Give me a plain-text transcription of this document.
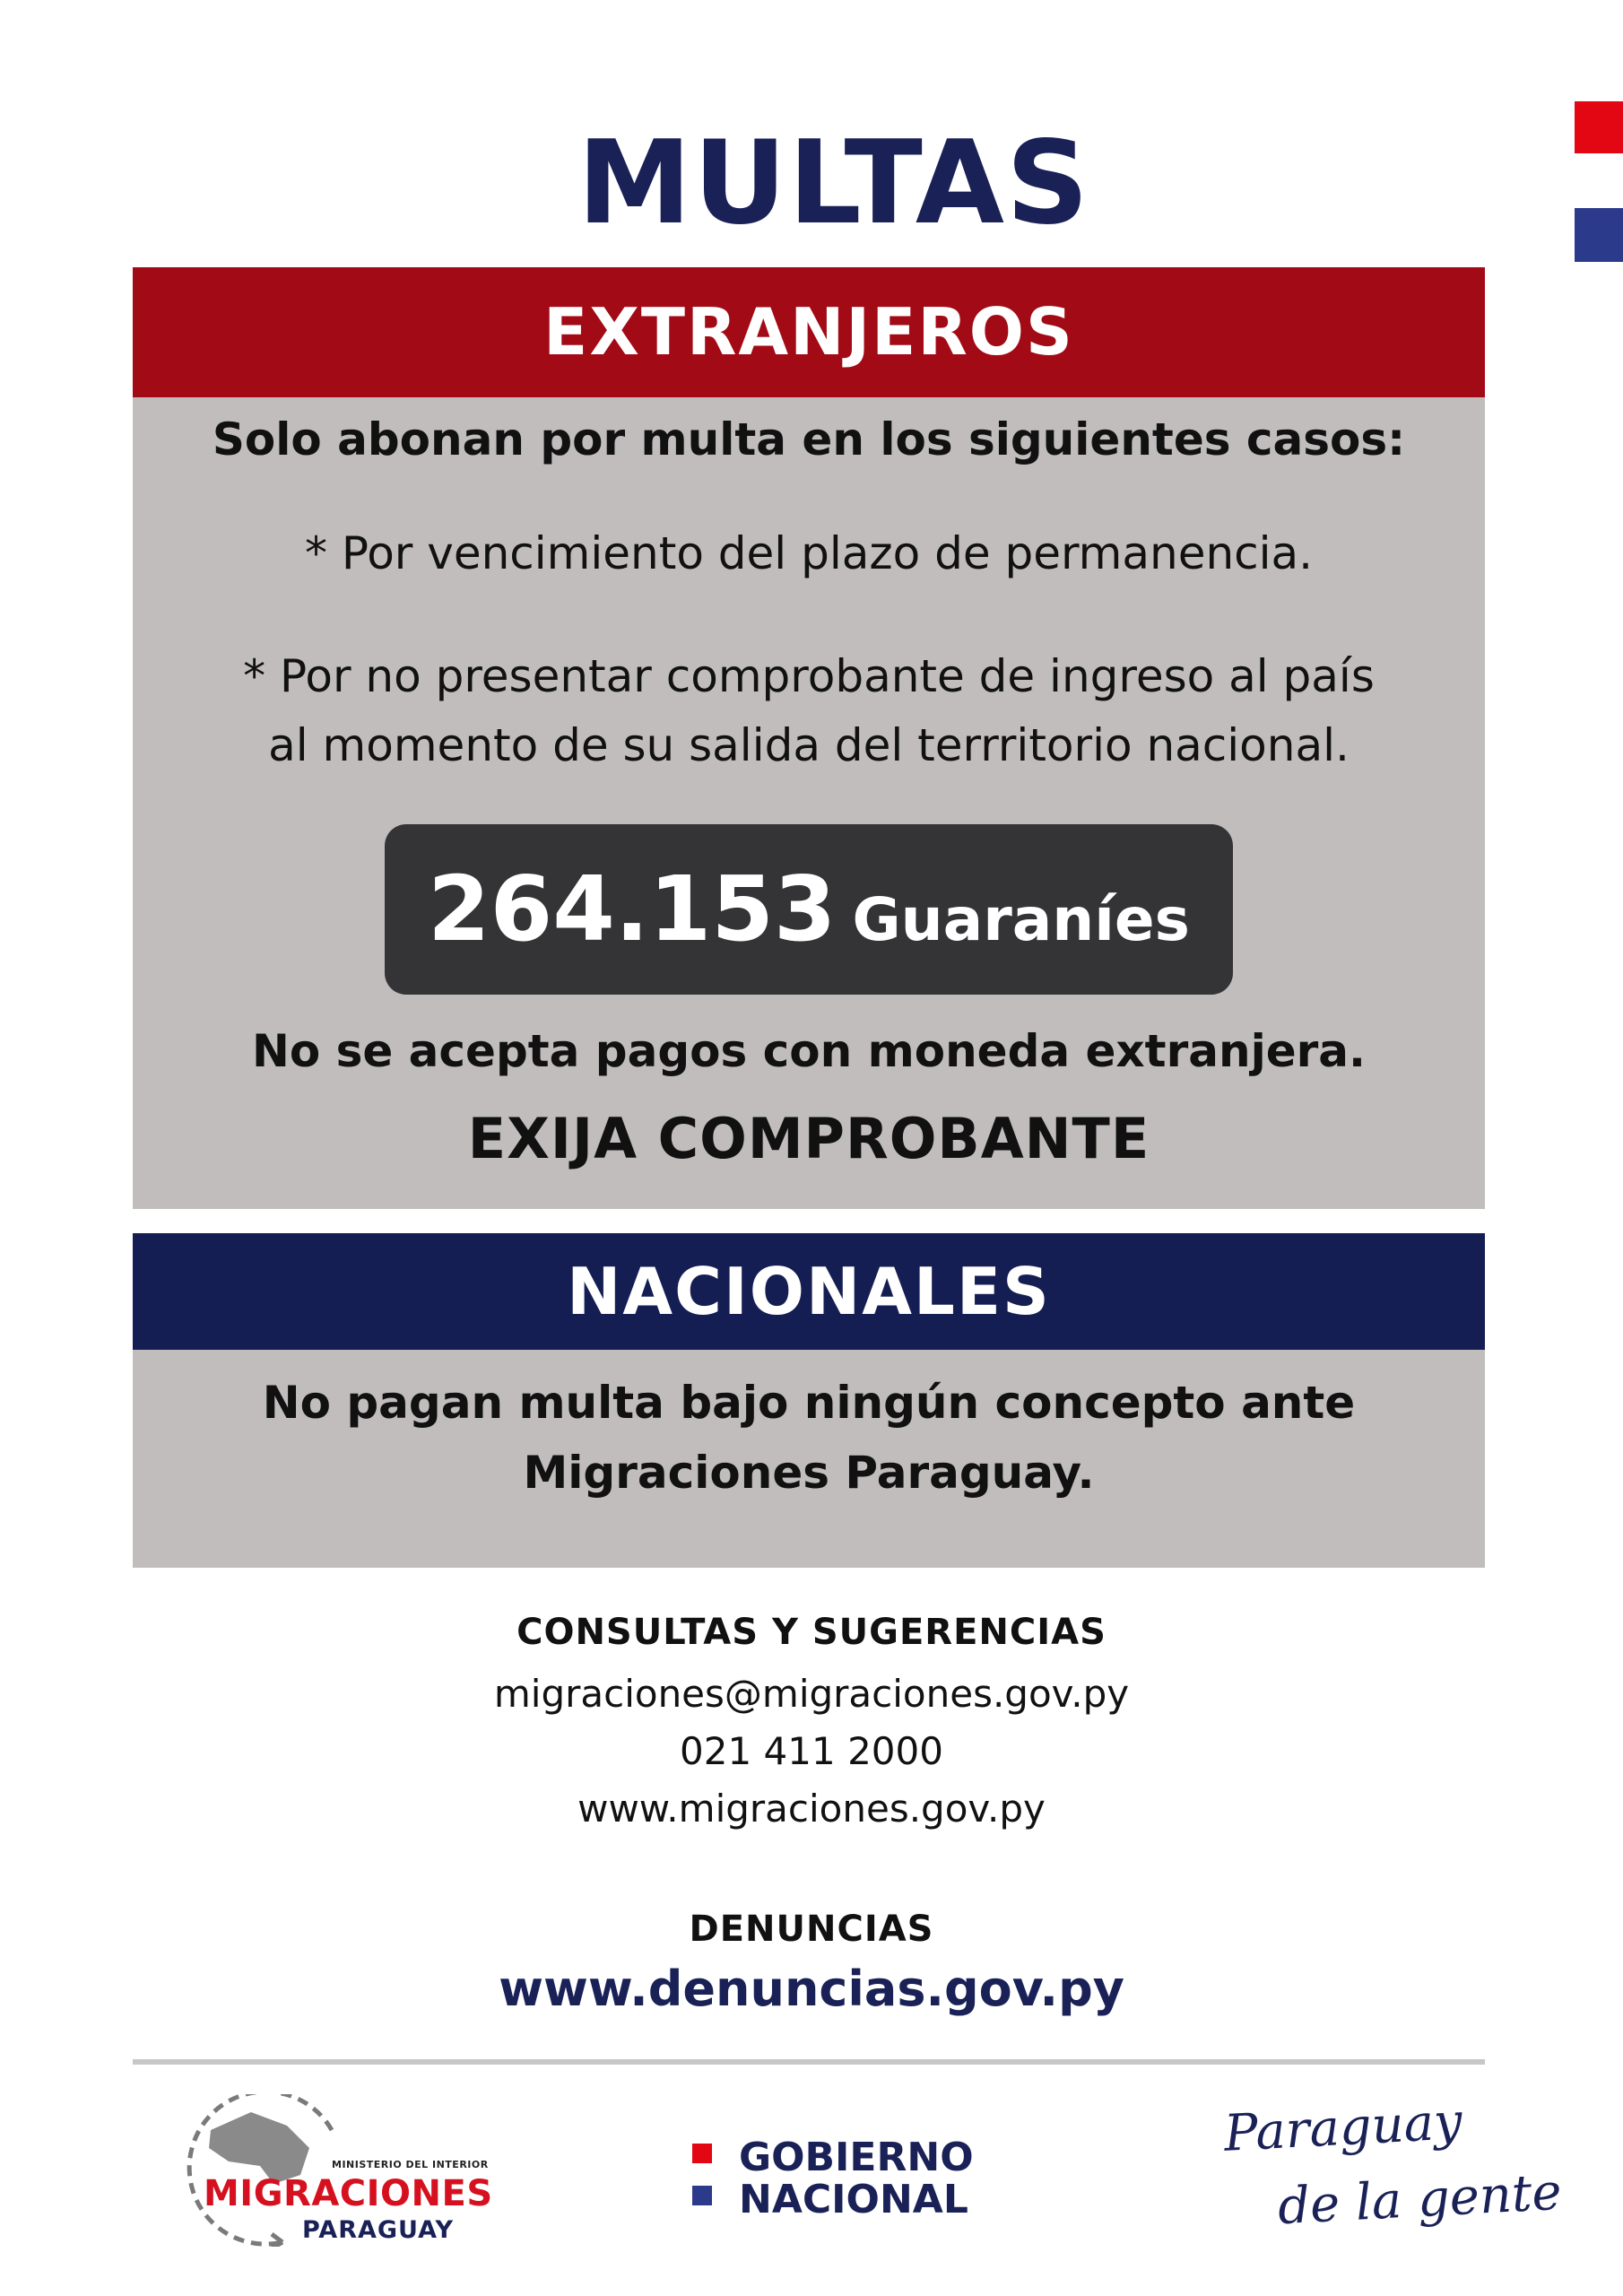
MULTAS
EXTRANJEROS
Solo abonan por multa en los siguientes casos:
* Por vencimiento del plazo de permanencia.
* Por no presentar comprobante de ingreso al país
al momento de su salida del terrritorio nacional.
264.153 Guaraníes
No se acepta pagos con moneda extranjera.
EXIJA COMPROBANTE
NACIONALES
No pagan multa bajo ningún concepto ante
Migraciones Paraguay.
CONSULTAS Y SUGERENCIAS
migraciones@migraciones.gov.py
021 411 2000
www.migraciones.gov.py
DENUNCIAS
www.denuncias.gov.py
MINISTERIO DEL INTERIOR
MIGRACIONES
PARAGUAY
GOBIERNO
NACIONAL
Paraguay
de la gente
